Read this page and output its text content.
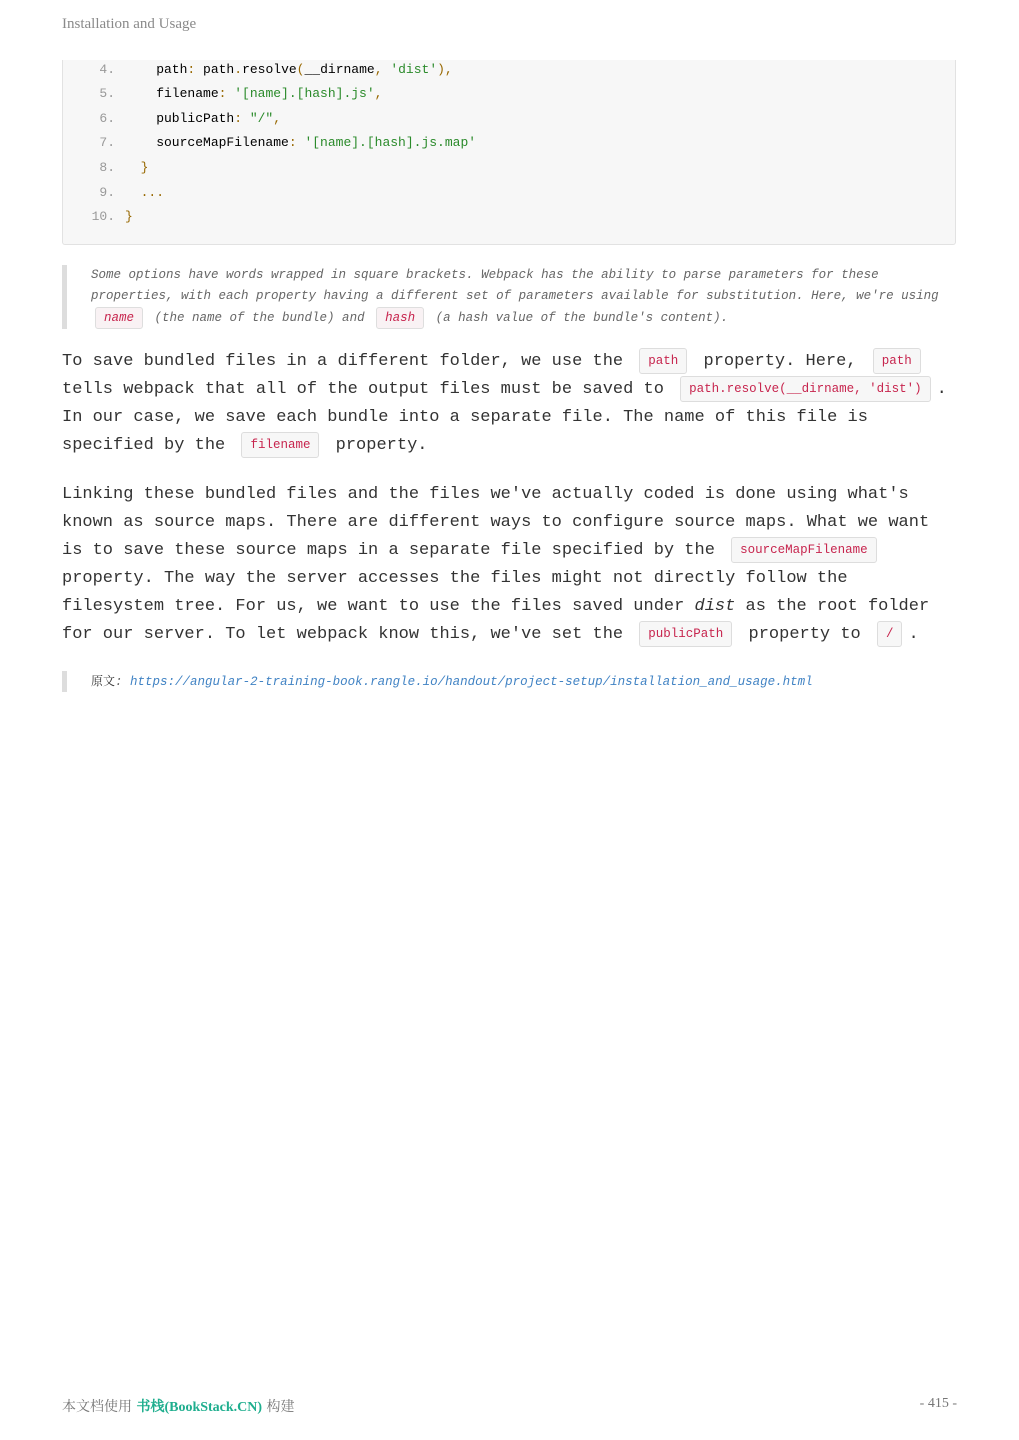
Installation and Usage
4.    path: path.resolve(__dirname, 'dist'),
5.    filename: '[name].[hash].js',
6.    publicPath: "/",
7.    sourceMapFilename: '[name].[hash].js.map'
8.  }
9.  ...
10. }
Some options have words wrapped in square brackets. Webpack has the ability to parse parameters for these properties, with each property having a different set of parameters available for substitution. Here, we're using name (the name of the bundle) and hash (a hash value of the bundle's content).
To save bundled files in a different folder, we use the path property. Here, path tells webpack that all of the output files must be saved to path.resolve(__dirname, 'dist') . In our case, we save each bundle into a separate file. The name of this file is specified by the filename property.
Linking these bundled files and the files we've actually coded is done using what's known as source maps. There are different ways to configure source maps. What we want is to save these source maps in a separate file specified by the sourceMapFilename property. The way the server accesses the files might not directly follow the filesystem tree. For us, we want to use the files saved under dist as the root folder for our server. To let webpack know this, we've set the publicPath property to / .
原文: https://angular-2-training-book.rangle.io/handout/project-setup/installation_and_usage.html
本文档使用 书栈(BookStack.CN) 构建	- 415 -
